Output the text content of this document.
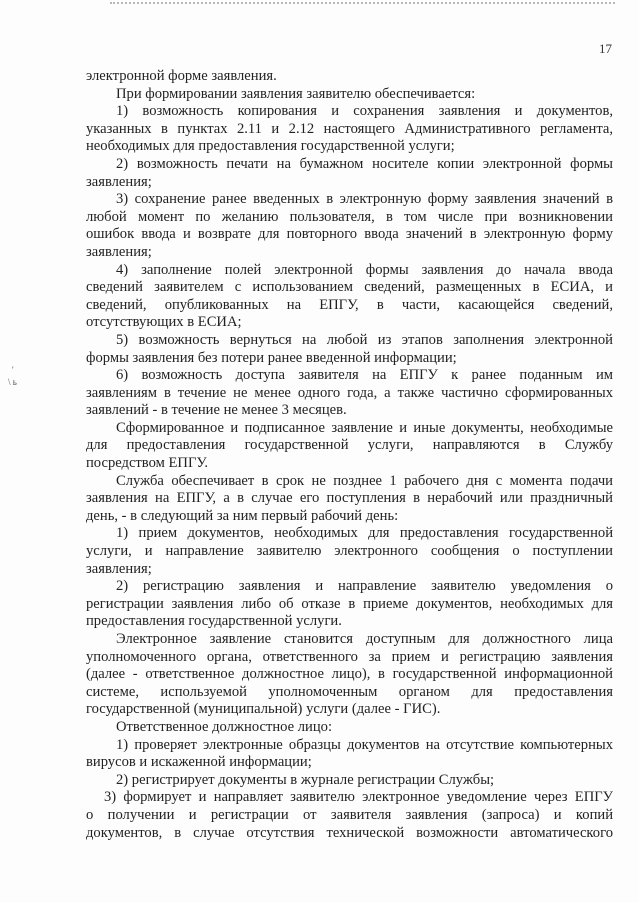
17
'
\ ь
электронной форме заявления.
При формировании заявления заявителю обеспечивается:
1) возможность копирования и сохранения заявления и документов,
указанных в пунктах 2.11 и 2.12 настоящего Административного регламента,
необходимых для предоставления государственной услуги;
2) возможность печати на бумажном носителе копии электронной формы
заявления;
3) сохранение ранее введенных в электронную форму заявления значений в
любой момент по желанию пользователя, в том числе при возникновении
ошибок ввода и возврате для повторного ввода значений в электронную форму
заявления;
4) заполнение полей электронной формы заявления до начала ввода
сведений заявителем с использованием сведений, размещенных в ЕСИА, и
сведений, опубликованных на ЕПГУ, в части, касающейся сведений,
отсутствующих в ЕСИА;
5) возможность вернуться на любой из этапов заполнения электронной
формы заявления без потери ранее введенной информации;
6) возможность доступа заявителя на ЕПГУ к ранее поданным им
заявлениям в течение не менее одного года, а также частично сформированных
заявлений - в течение не менее 3 месяцев.
Сформированное и подписанное заявление и иные документы, необходимые
для предоставления государственной услуги, направляются в Службу
посредством ЕПГУ.
Служба обеспечивает в срок не позднее 1 рабочего дня с момента подачи
заявления на ЕПГУ, а в случае его поступления в нерабочий или праздничный
день, - в следующий за ним первый рабочий день:
1) прием документов, необходимых для предоставления государственной
услуги, и направление заявителю электронного сообщения о поступлении
заявления;
2) регистрацию заявления и направление заявителю уведомления о
регистрации заявления либо об отказе в приеме документов, необходимых для
предоставления государственной услуги.
Электронное заявление становится доступным для должностного лица
уполномоченного органа, ответственного за прием и регистрацию заявления
(далее - ответственное должностное лицо), в государственной информационной
системе, используемой уполномоченным органом для предоставления
государственной (муниципальной) услуги (далее - ГИС).
Ответственное должностное лицо:
1) проверяет электронные образцы документов на отсутствие компьютерных
вирусов и искаженной информации;
2) регистрирует документы в журнале регистрации Службы;
3) формирует и направляет заявителю электронное уведомление через ЕПГУ
о получении и регистрации от заявителя заявления (запроса) и копий
документов, в случае отсутствия технической возможности автоматического
